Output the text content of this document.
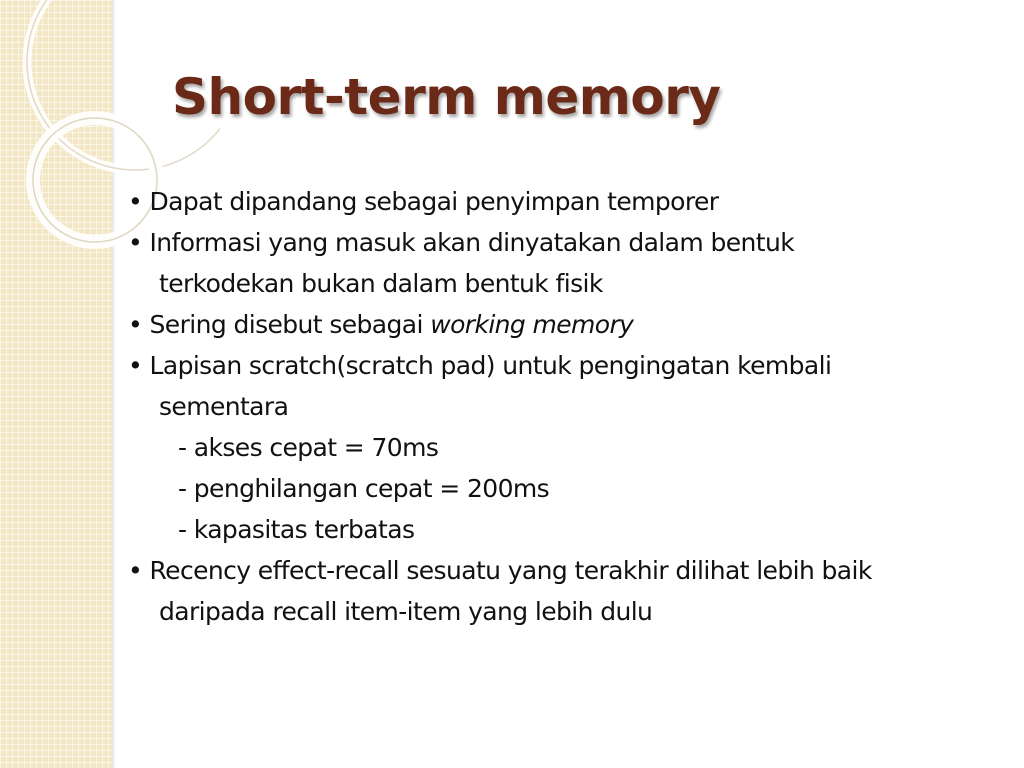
Short-term memory
• Dapat dipandang sebagai penyimpan temporer
• Informasi yang masuk akan dinyatakan dalam bentuk
terkodekan bukan dalam bentuk fisik
• Sering disebut sebagai working memory
• Lapisan scratch(scratch pad) untuk pengingatan kembali
sementara
- akses cepat = 70ms
- penghilangan cepat = 200ms
- kapasitas terbatas
• Recency effect-recall sesuatu yang terakhir dilihat lebih baik
daripada recall item-item yang lebih dulu
